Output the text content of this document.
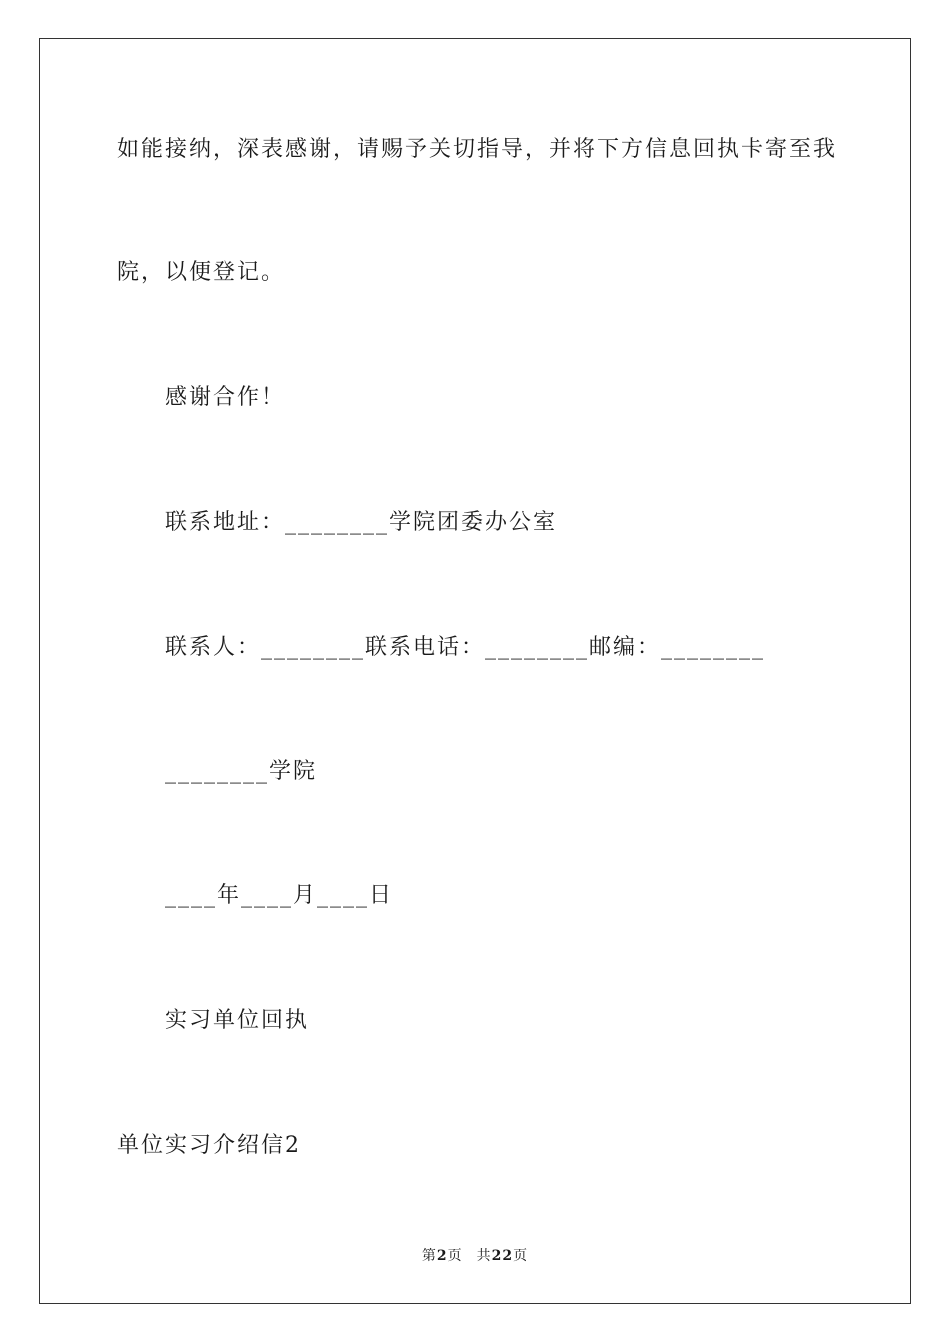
如能接纳，深表感谢，请赐予关切指导，并将下方信息回执卡寄至我
院，以便登记。
感谢合作！
联系地址：________学院团委办公室
联系人：________联系电话：________邮编：________
________学院
____年____月____日
实习单位回执
单位实习介绍信2
第2页 共22页
